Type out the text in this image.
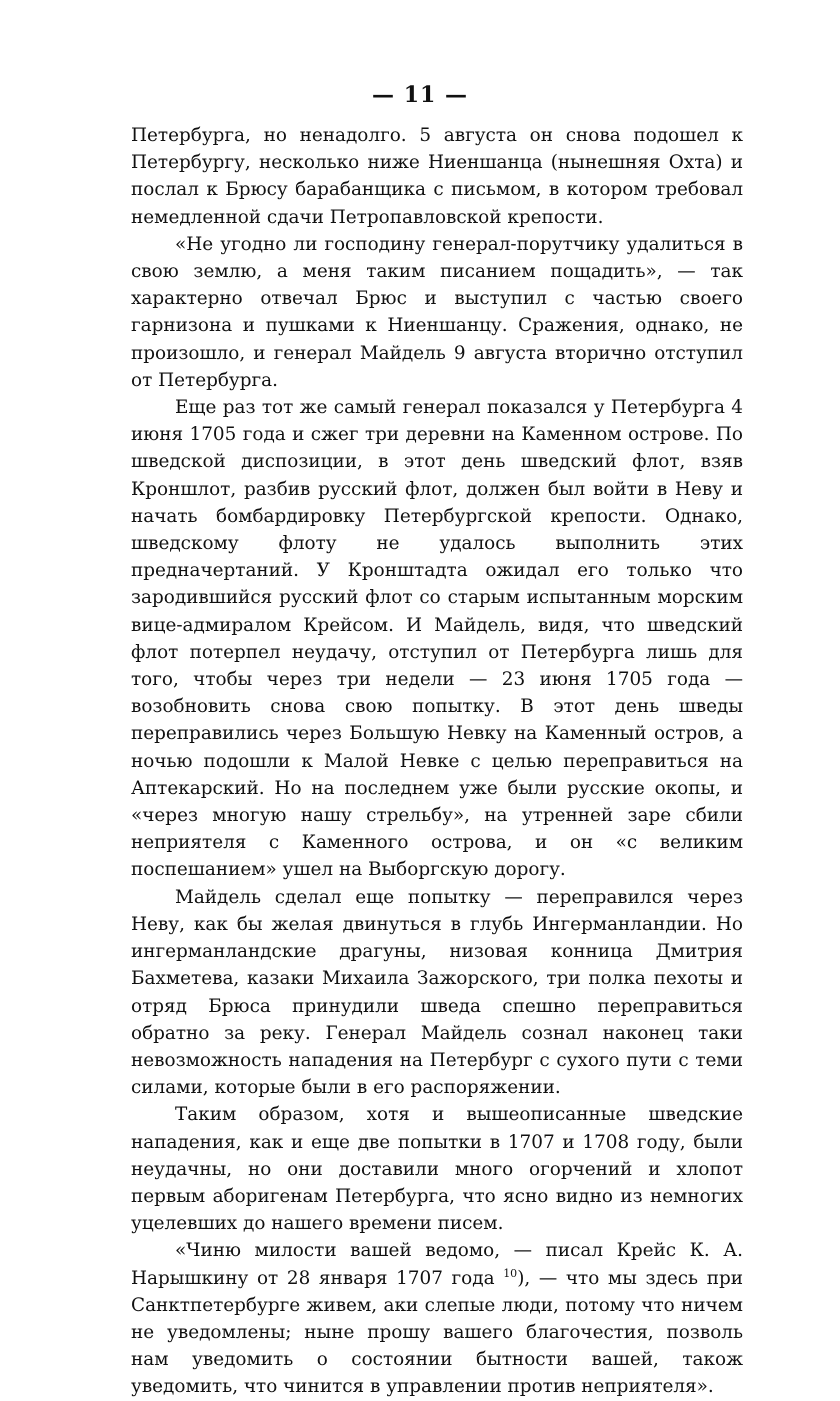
— 11 —

Петербурга, но ненадолго. 5 августа он снова подошел к Петербургу, несколько ниже Ниеншанца (нынешняя Охта) и послал к Брюсу барабанщика с письмом, в котором требовал немедленной сдачи Петропавловской крепости.

«Не угодно ли господину генерал-порутчику удалиться в свою землю, а меня таким писанием пощадить», — так характерно отвечал Брюс и выступил с частью своего гарнизона и пушками к Ниеншанцу. Сражения, однако, не произошло, и генерал Майдель 9 августа вторично отступил от Петербурга.

Еще раз тот же самый генерал показался у Петербурга 4 июня 1705 года и сжег три деревни на Каменном острове. По шведской диспозиции, в этот день шведский флот, взяв Кроншлот, разбив русский флот, должен был войти в Неву и начать бомбардировку Петербургской крепости. Однако, шведскому флоту не удалось выполнить этих предначертаний. У Кронштадта ожидал его только что зародившийся русский флот со старым испытанным морским вице-адмиралом Крейсом. И Майдель, видя, что шведский флот потерпел неудачу, отступил от Петербурга лишь для того, чтобы через три недели — 23 июня 1705 года — возобновить снова свою попытку. В этот день шведы переправились через Большую Невку на Каменный остров, а ночью подошли к Малой Невке с целью переправиться на Аптекарский. Но на последнем уже были русские окопы, и «через многую нашу стрельбу», на утренней заре сбили неприятеля с Каменного острова, и он «с великим поспешанием» ушел на Выборгскую дорогу.

Майдель сделал еще попытку — переправился через Неву, как бы желая двинуться в глубь Ингерманландии. Но ингерманландские драгуны, низовая конница Дмитрия Бахметева, казаки Михаила Зажорского, три полка пехоты и отряд Брюса принудили шведа спешно переправиться обратно за реку. Генерал Майдель сознал наконец таки невозможность нападения на Петербург с сухого пути с теми силами, которые были в его распоряжении.

Таким образом, хотя и вышеописанные шведские нападения, как и еще две попытки в 1707 и 1708 году, были неудачны, но они доставили много огорчений и хлопот первым аборигенам Петербурга, что ясно видно из немногих уцелевших до нашего времени писем.

«Чиню милости вашей ведомо, — писал Крейс К. А. Нарышкину от 28 января 1707 года $^{10}$), — что мы здесь при Санктпетербурге живем, аки слепые люди, потому что ничем не уведомлены; ныне прошу вашего благочестия, позволь нам уведомить о состоянии бытности вашей, також уведомить, что чинится в управлении против неприятеля».
